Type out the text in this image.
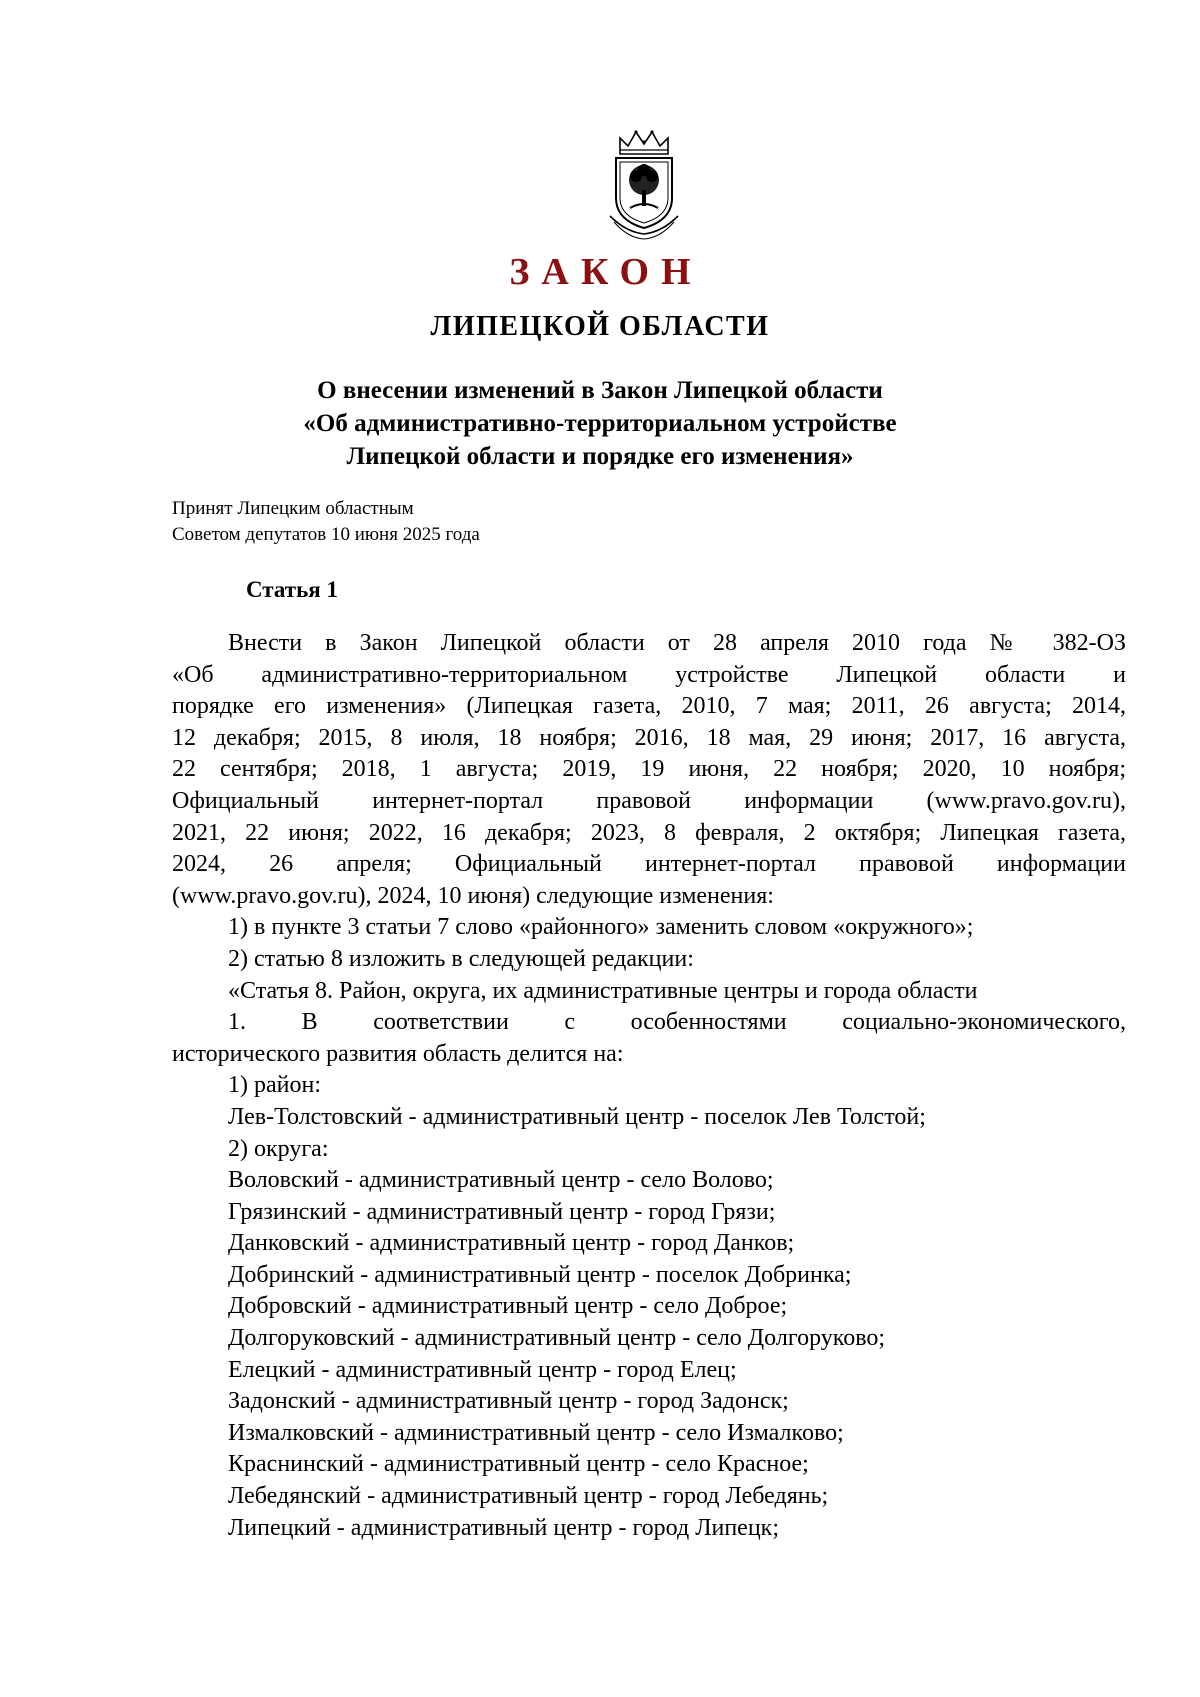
ЗАКОН
ЛИПЕЦКОЙ ОБЛАСТИ
О внесении изменений в Закон Липецкой области
«Об административно-территориальном устройстве
Липецкой области и порядке его изменения»
Принят Липецким областным
Советом депутатов 10 июня 2025 года
Статья 1
Внести в Закон Липецкой области от 28 апреля 2010 года № 382-ОЗ
«Об административно-территориальном устройстве Липецкой области и
порядке его изменения» (Липецкая газета, 2010, 7 мая; 2011, 26 августа; 2014,
12 декабря; 2015, 8 июля, 18 ноября; 2016, 18 мая, 29 июня; 2017, 16 августа,
22 сентября; 2018, 1 августа; 2019, 19 июня, 22 ноября; 2020, 10 ноября;
Официальный интернет-портал правовой информации (www.pravo.gov.ru),
2021, 22 июня; 2022, 16 декабря; 2023, 8 февраля, 2 октября; Липецкая газета,
2024, 26 апреля; Официальный интернет-портал правовой информации
(www.pravo.gov.ru), 2024, 10 июня) следующие изменения:
1) в пункте 3 статьи 7 слово «районного» заменить словом «окружного»;
2) статью 8 изложить в следующей редакции:
«Статья 8. Район, округа, их административные центры и города области
1. В соответствии с особенностями социально-экономического,
исторического развития область делится на:
1) район:
Лев-Толстовский - административный центр - поселок Лев Толстой;
2) округа:
Воловский - административный центр - село Волово;
Грязинский - административный центр - город Грязи;
Данковский - административный центр - город Данков;
Добринский - административный центр - поселок Добринка;
Добровский - административный центр - село Доброе;
Долгоруковский - административный центр - село Долгоруково;
Елецкий - административный центр - город Елец;
Задонский - административный центр - город Задонск;
Измалковский - административный центр - село Измалково;
Краснинский - административный центр - село Красное;
Лебедянский - административный центр - город Лебедянь;
Липецкий - административный центр - город Липецк;
